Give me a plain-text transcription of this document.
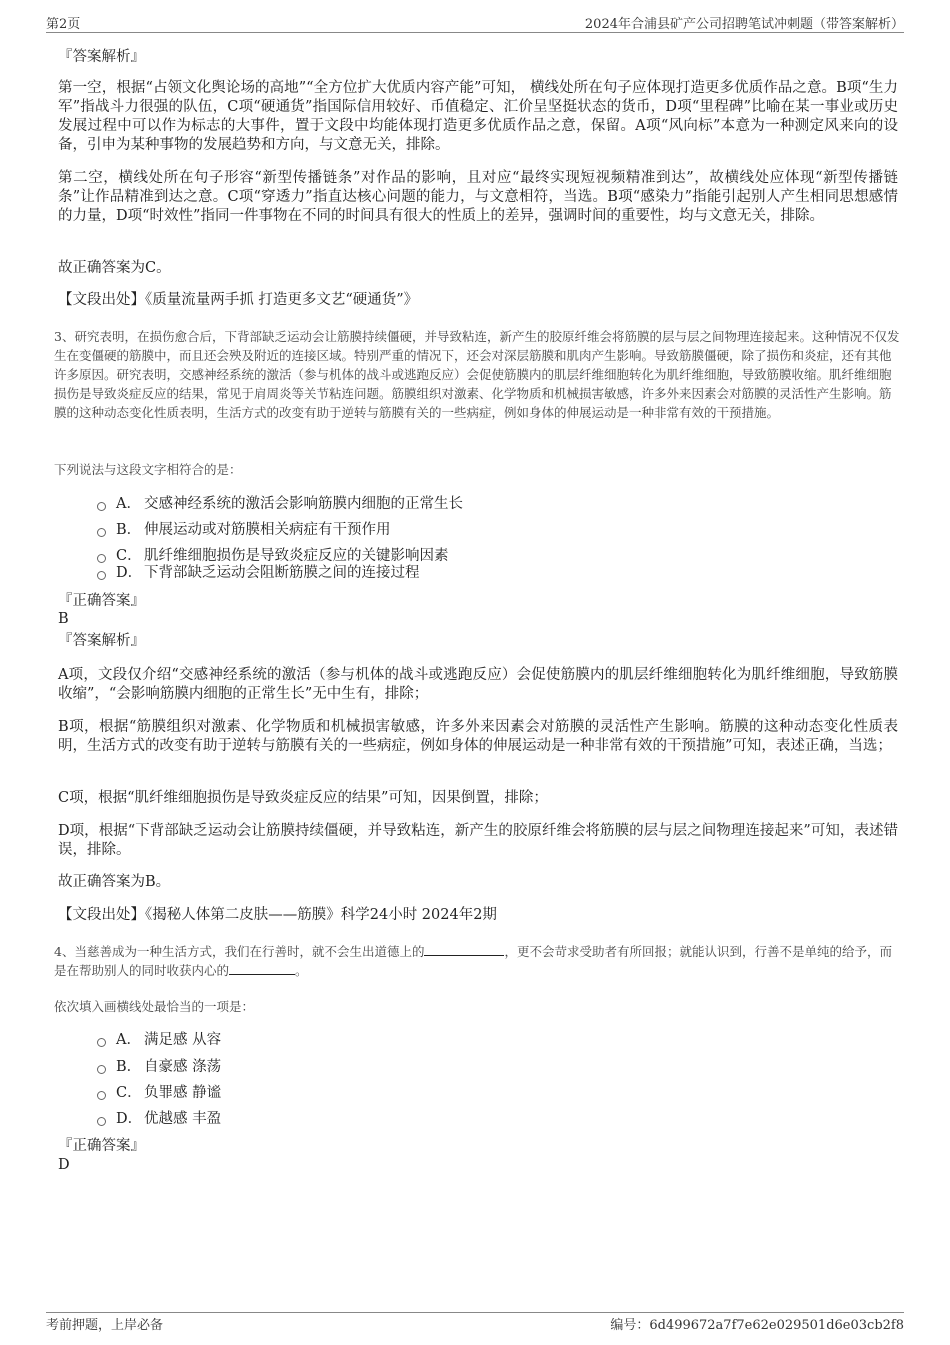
第2页	2024年合浦县矿产公司招聘笔试冲刺题（带答案解析）
『答案解析』

第一空，根据“占领文化舆论场的高地”“全方位扩大优质内容产能”可知， 横线处所在句子应体现打造更多优质作品之意。B项“生力军”指战斗力很强的队伍，C项“硬通货”指国际信用较好、币值稳定、汇价呈坚挺状态的货币，D项“里程碑”比喻在某一事业或历史发展过程中可以作为标志的大事件，置于文段中均能体现打造更多优质作品之意，保留。A项“风向标”本意为一种测定风来向的设备，引申为某种事物的发展趋势和方向，与文意无关，排除。

第二空，横线处所在句子形容“新型传播链条”对作品的影响，且对应“最终实现短视频精准到达”，故横线处应体现“新型传播链条”让作品精准到达之意。C项“穿透力”指直达核心问题的能力，与文意相符，当选。B项“感染力”指能引起别人产生相同思想感情的力量，D项“时效性”指同一件事物在不同的时间具有很大的性质上的差异，强调时间的重要性，均与文意无关，排除。

故正确答案为C。
【文段出处】《质量流量两手抓 打造更多文艺“硬通货”》
3、研究表明，在损伤愈合后，下背部缺乏运动会让筋膜持续僵硬，并导致粘连，新产生的胶原纤维会将筋膜的层与层之间物理连接起来。这种情况不仅发生在变僵硬的筋膜中，而且还会殃及附近的连接区域。特别严重的情况下，还会对深层筋膜和肌肉产生影响。导致筋膜僵硬，除了损伤和炎症，还有其他许多原因。研究表明，交感神经系统的激活（参与机体的战斗或逃跑反应）会促使筋膜内的肌层纤维细胞转化为肌纤维细胞，导致筋膜收缩。肌纤维细胞损伤是导致炎症反应的结果，常见于肩周炎等关节粘连问题。筋膜组织对激素、化学物质和机械损害敏感，许多外来因素会对筋膜的灵活性产生影响。筋膜的这种动态变化性质表明，生活方式的改变有助于逆转与筋膜有关的一些病症，例如身体的伸展运动是一种非常有效的干预措施。
下列说法与这段文字相符合的是：
A． 交感神经系统的激活会影响筋膜内细胞的正常生长
B． 伸展运动或对筋膜相关病症有干预作用
C． 肌纤维细胞损伤是导致炎症反应的关键影响因素
D． 下背部缺乏运动会阻断筋膜之间的连接过程
『正确答案』
B
『答案解析』

A项，文段仅介绍“交感神经系统的激活（参与机体的战斗或逃跑反应）会促使筋膜内的肌层纤维细胞转化为肌纤维细胞，导致筋膜收缩”，“会影响筋膜内细胞的正常生长”无中生有，排除；

B项，根据“筋膜组织对激素、化学物质和机械损害敏感，许多外来因素会对筋膜的灵活性产生影响。筋膜的这种动态变化性质表明，生活方式的改变有助于逆转与筋膜有关的一些病症，例如身体的伸展运动是一种非常有效的干预措施”可知，表述正确，当选；

C项，根据“肌纤维细胞损伤是导致炎症反应的结果”可知，因果倒置，排除；

D项，根据“下背部缺乏运动会让筋膜持续僵硬，并导致粘连，新产生的胶原纤维会将筋膜的层与层之间物理连接起来”可知，表述错误，排除。

故正确答案为B。
【文段出处】《揭秘人体第二皮肤——筋膜》科学24小时 2024年2期
4、当慈善成为一种生活方式，我们在行善时，就不会生出道德上的	，更不会苛求受助者有所回报；就能认识到，行善不是单纯的给予，而是在帮助别人的同时收获内心的	。
依次填入画横线处最恰当的一项是：
A． 满足感 从容
B． 自豪感 涤荡
C． 负罪感 静谧
D． 优越感 丰盈
『正确答案』
D
考前押题，上岸必备	编号：6d499672a7f7e62e029501d6e03cb2f8
